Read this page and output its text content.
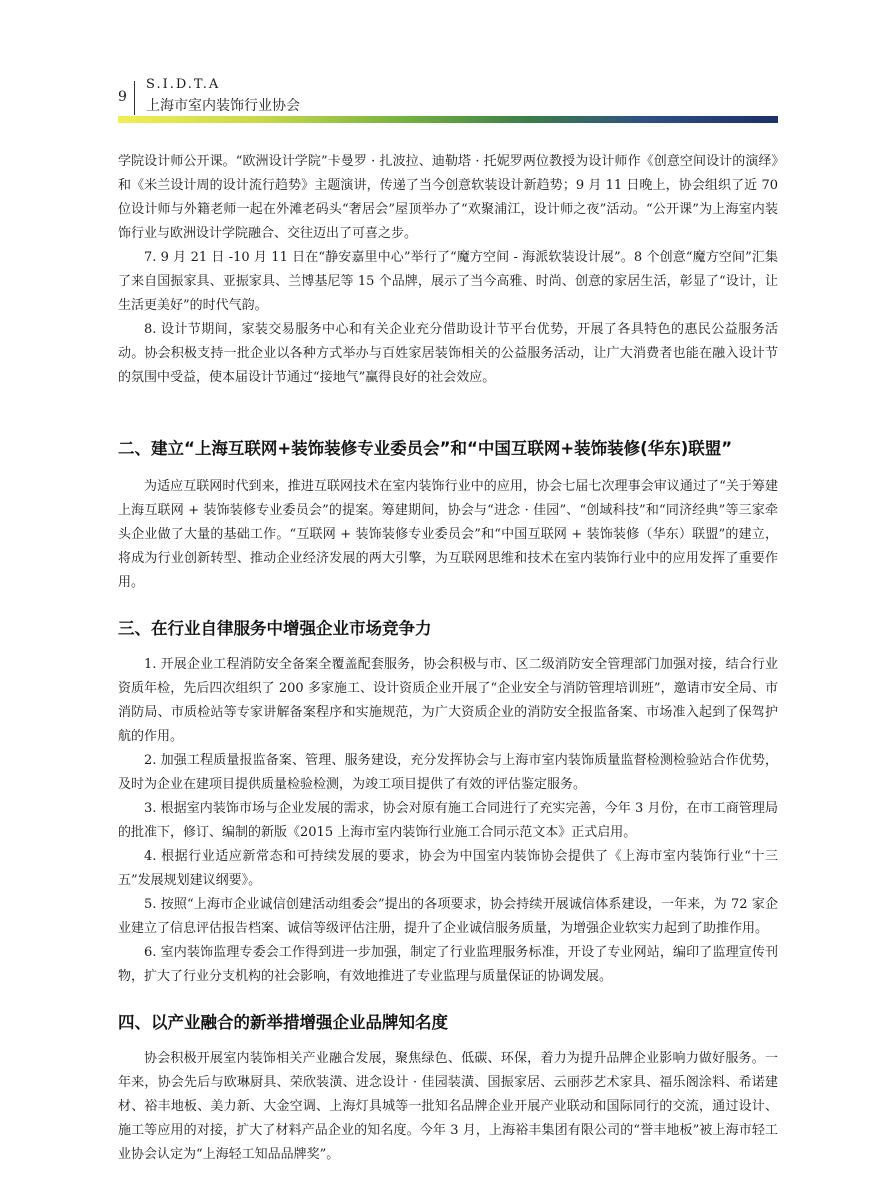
9
S.I.D.T.A
上海市室内装饰行业协会

学院设计师公开课。“欧洲设计学院”卡曼罗 · 扎波拉、迪勒塔 · 托妮罗两位教授为设计师作《创意空间设计的演绎》和《米兰设计周的设计流行趋势》主题演讲，传递了当今创意软装设计新趋势；9 月 11 日晚上，协会组织了近 70 位设计师与外籍老师一起在外滩老码头“奢居会”屋顶举办了“欢聚浦江，设计师之夜”活动。“公开课”为上海室内装饰行业与欧洲设计学院融合、交往迈出了可喜之步。

7. 9 月 21 日 -10 月 11 日在“静安嘉里中心”举行了“魔方空间 - 海派软装设计展”。8 个创意“魔方空间”汇集了来自国振家具、亚振家具、兰博基尼等 15 个品牌，展示了当今高雅、时尚、创意的家居生活，彰显了“设计，让生活更美好”的时代气韵。

8. 设计节期间，家装交易服务中心和有关企业充分借助设计节平台优势，开展了各具特色的惠民公益服务活动。协会积极支持一批企业以各种方式举办与百姓家居装饰相关的公益服务活动，让广大消费者也能在融入设计节的氛围中受益，使本届设计节通过“接地气”赢得良好的社会效应。

二、建立“上海互联网+装饰装修专业委员会”和“中国互联网+装饰装修(华东)联盟”

为适应互联网时代到来，推进互联网技术在室内装饰行业中的应用，协会七届七次理事会审议通过了“关于筹建上海互联网 + 装饰装修专业委员会”的提案。筹建期间，协会与“进念 · 佳园”、“创域科技”和“同济经典”等三家牵头企业做了大量的基础工作。“互联网 + 装饰装修专业委员会”和“中国互联网 + 装饰装修（华东）联盟”的建立，将成为行业创新转型、推动企业经济发展的两大引擎，为互联网思维和技术在室内装饰行业中的应用发挥了重要作用。

三、在行业自律服务中增强企业市场竞争力

1. 开展企业工程消防安全备案全覆盖配套服务，协会积极与市、区二级消防安全管理部门加强对接，结合行业资质年检，先后四次组织了 200 多家施工、设计资质企业开展了“企业安全与消防管理培训班”，邀请市安全局、市消防局、市质检站等专家讲解备案程序和实施规范，为广大资质企业的消防安全报监备案、市场准入起到了保驾护航的作用。

2. 加强工程质量报监备案、管理、服务建设，充分发挥协会与上海市室内装饰质量监督检测检验站合作优势，及时为企业在建项目提供质量检验检测，为竣工项目提供了有效的评估鉴定服务。

3. 根据室内装饰市场与企业发展的需求，协会对原有施工合同进行了充实完善，今年 3 月份，在市工商管理局的批准下，修订、编制的新版《2015 上海市室内装饰行业施工合同示范文本》正式启用。

4. 根据行业适应新常态和可持续发展的要求，协会为中国室内装饰协会提供了《上海市室内装饰行业“十三五”发展规划建议纲要》。

5. 按照“上海市企业诚信创建活动组委会”提出的各项要求，协会持续开展诚信体系建设，一年来，为 72 家企业建立了信息评估报告档案、诚信等级评估注册，提升了企业诚信服务质量，为增强企业软实力起到了助推作用。

6. 室内装饰监理专委会工作得到进一步加强，制定了行业监理服务标准，开设了专业网站，编印了监理宣传刊物，扩大了行业分支机构的社会影响，有效地推进了专业监理与质量保证的协调发展。

四、以产业融合的新举措增强企业品牌知名度

协会积极开展室内装饰相关产业融合发展，聚焦绿色、低碳、环保，着力为提升品牌企业影响力做好服务。一年来，协会先后与欧琳厨具、荣欣装潢、进念设计 · 佳园装潢、国振家居、云丽莎艺术家具、福乐阁涂料、希诺建材、裕丰地板、美力新、大金空调、上海灯具城等一批知名品牌企业开展产业联动和国际同行的交流，通过设计、施工等应用的对接，扩大了材料产品企业的知名度。今年 3 月，上海裕丰集团有限公司的“誉丰地板”被上海市轻工业协会认定为“上海轻工知品品牌奖”。
